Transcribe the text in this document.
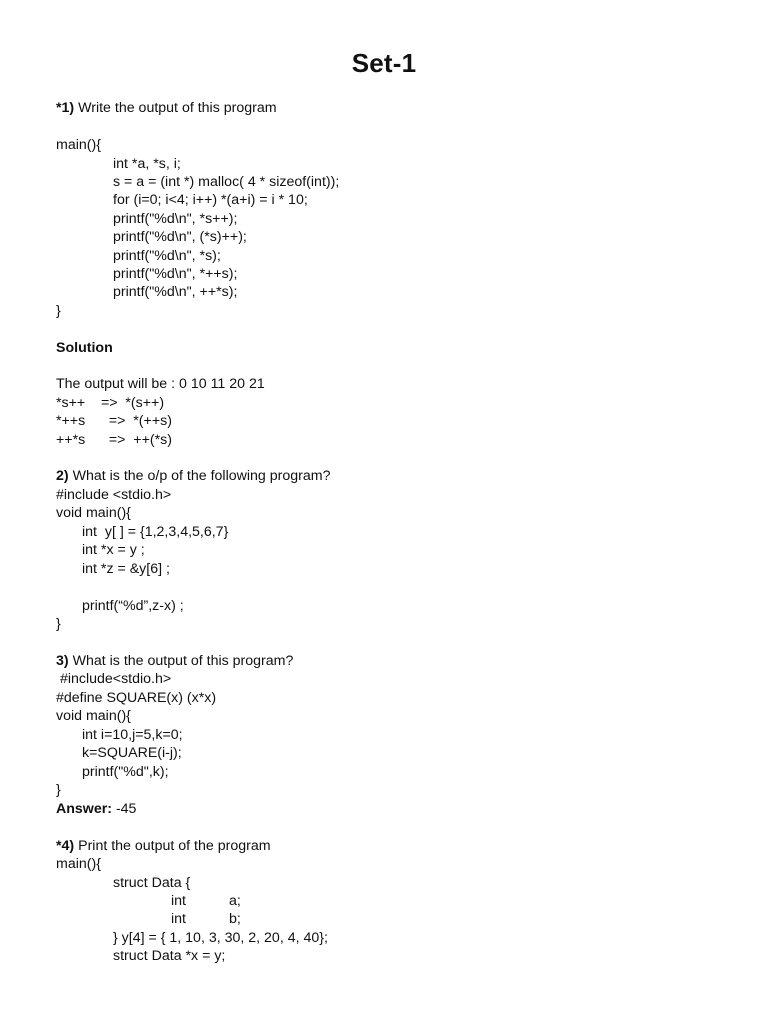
Set-1
*1) Write the output of this program
main(){
int *a, *s, i;
s = a = (int *) malloc( 4 * sizeof(int));
for (i=0; i<4; i++) *(a+i) = i * 10;
printf("%d\n", *s++);
printf("%d\n", (*s)++);
printf("%d\n", *s);
printf("%d\n", *++s);
printf("%d\n", ++*s);
}
Solution
The output will be : 0 10 11 20 21
*s++    =>  *(s++)
*++s      =>  *(++s)
++*s      =>  ++(*s)
2) What is the o/p of the following program?
#include <stdio.h>
void main(){
int  y[ ] = {1,2,3,4,5,6,7}
int *x = y ;
int *z = &y[6] ;
printf(“%d”,z-x) ;
}
3) What is the output of this program?
#include<stdio.h>
#define SQUARE(x) (x*x)
void main(){
int i=10,j=5,k=0;
k=SQUARE(i-j);
printf("%d",k);
}
Answer: -45
*4) Print the output of the program
main(){
struct Data {
int	a;
int	b;
} y[4] = { 1, 10, 3, 30, 2, 20, 4, 40};
struct Data *x = y;
